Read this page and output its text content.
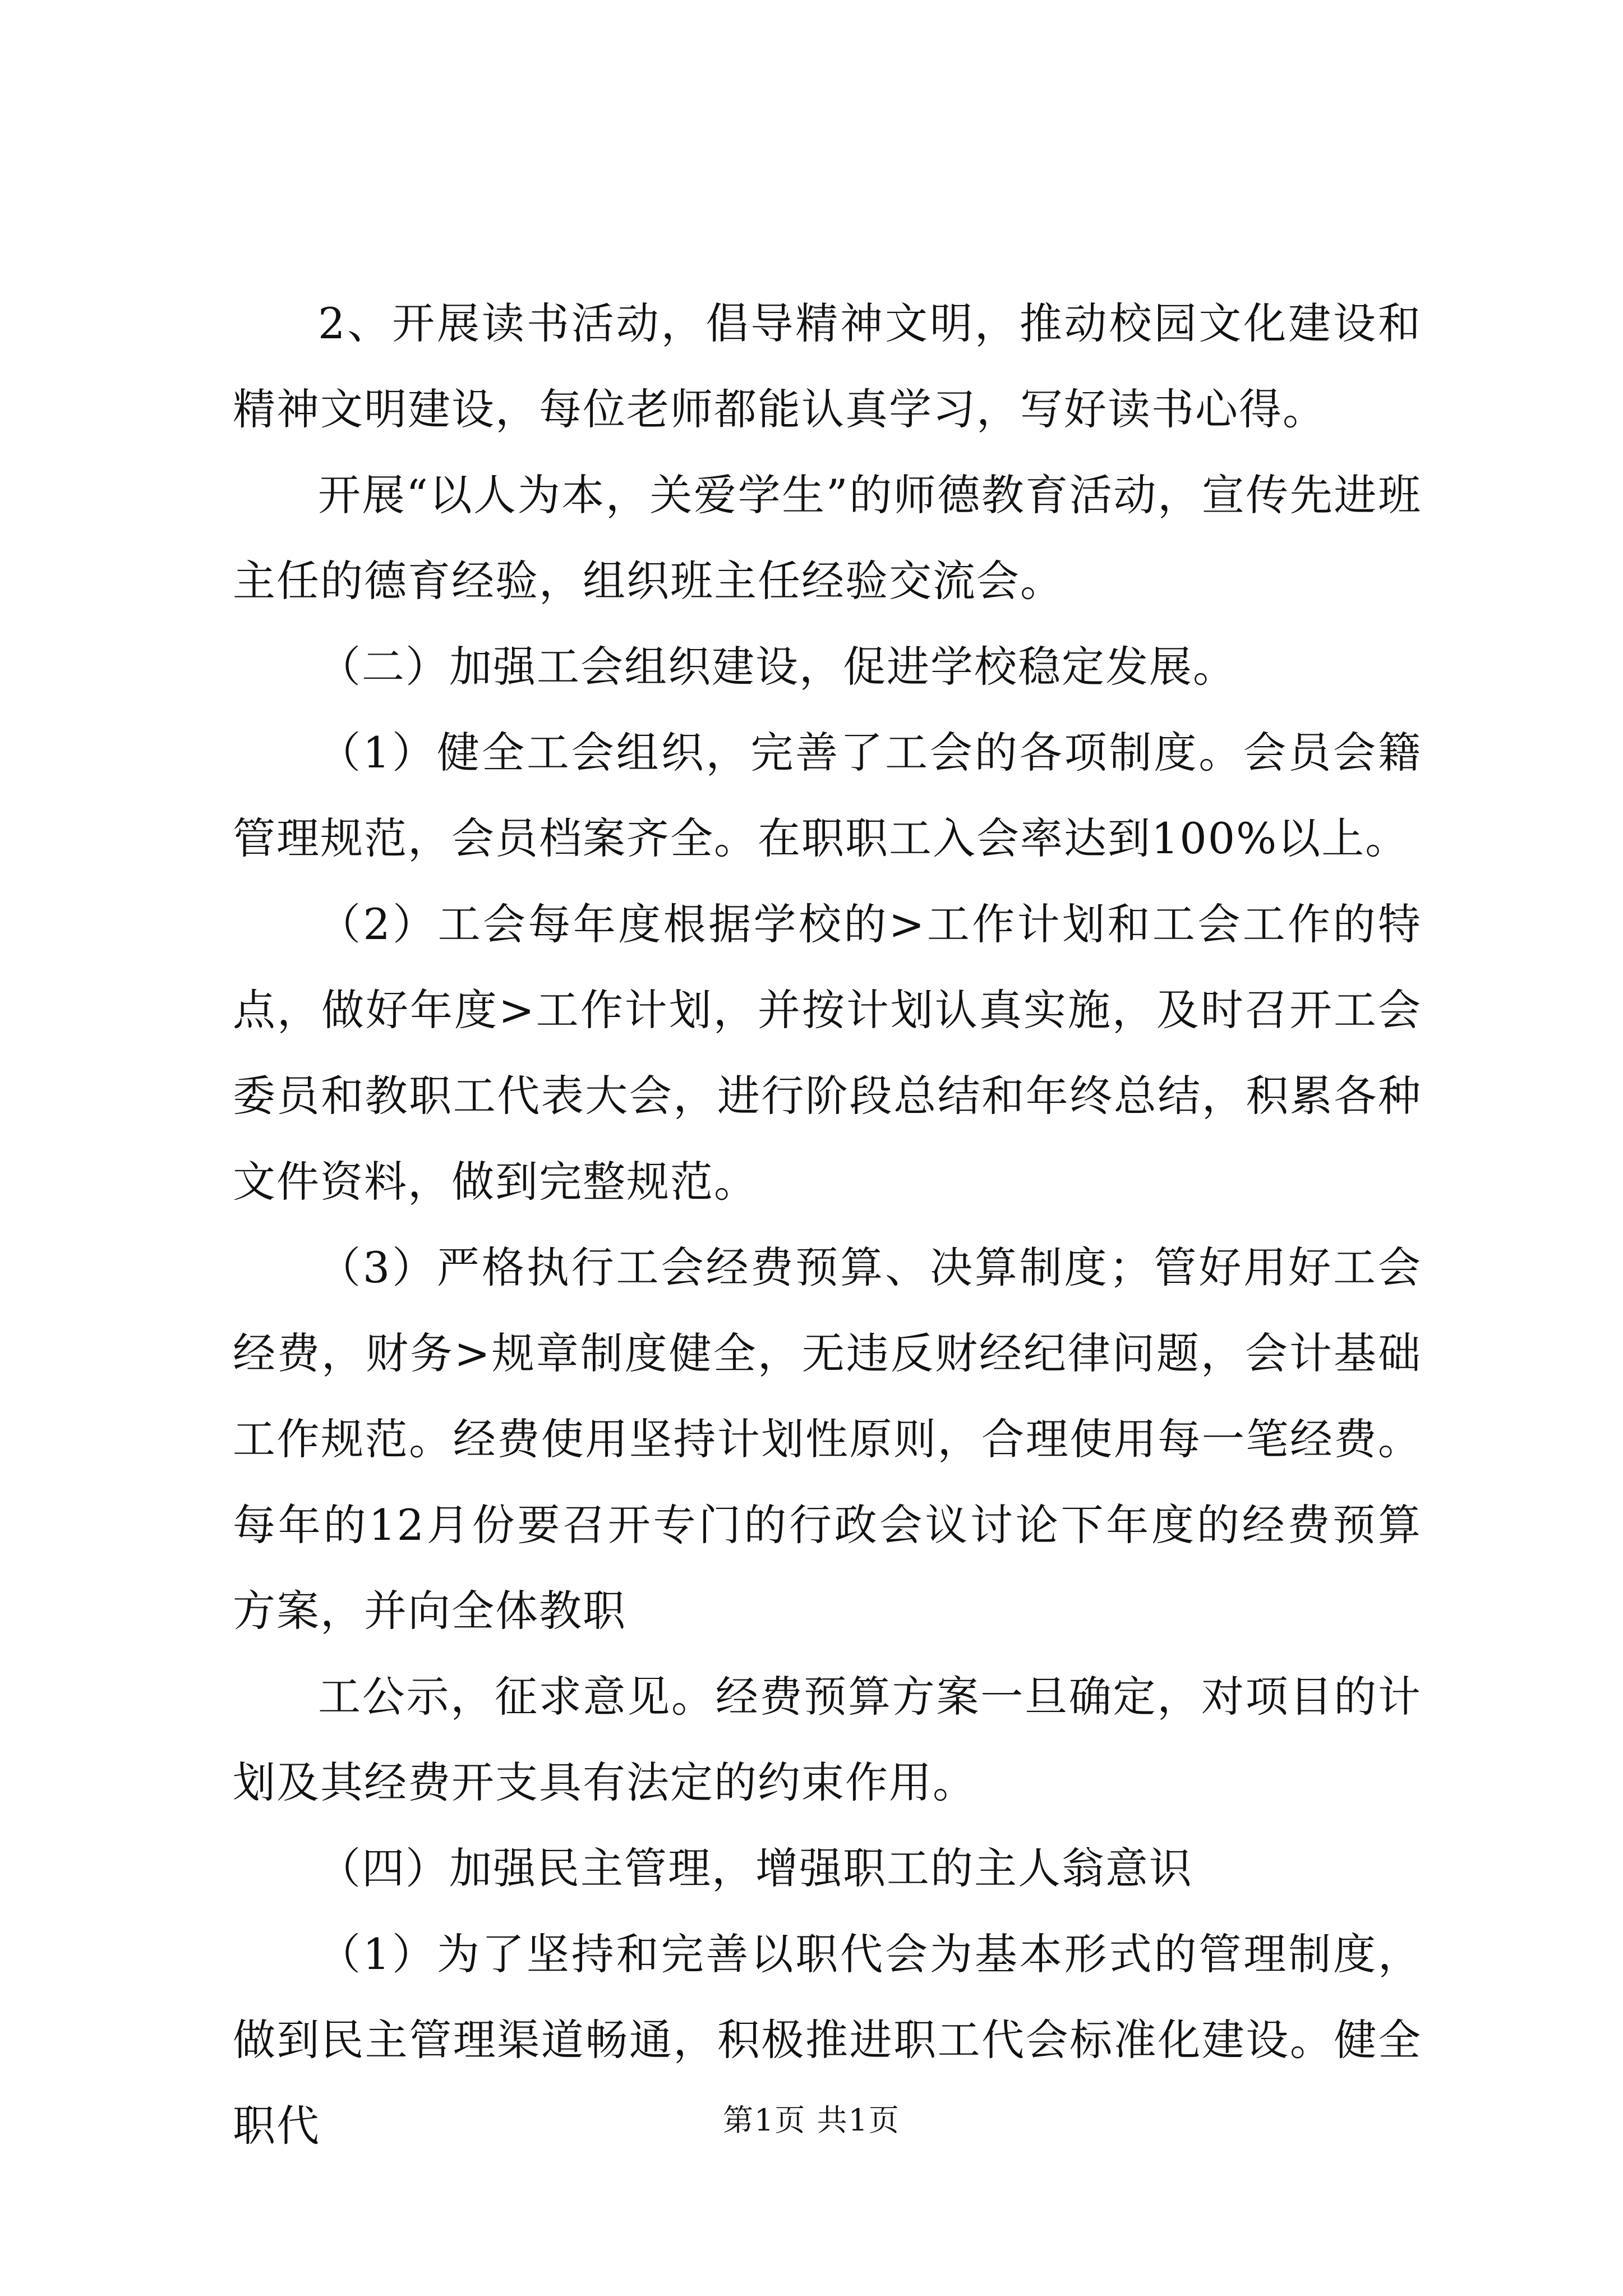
2、开展读书活动，倡导精神文明，推动校园文化建设和精神文明建设，每位老师都能认真学习，写好读书心得。

开展“以人为本，关爱学生”的师德教育活动，宣传先进班主任的德育经验，组织班主任经验交流会。

（二）加强工会组织建设，促进学校稳定发展。

（1）健全工会组织，完善了工会的各项制度。会员会籍管理规范，会员档案齐全。在职职工入会率达到100%以上。

（2）工会每年度根据学校的>工作计划和工会工作的特点，做好年度>工作计划，并按计划认真实施，及时召开工会委员和教职工代表大会，进行阶段总结和年终总结，积累各种文件资料，做到完整规范。

（3）严格执行工会经费预算、决算制度；管好用好工会经费，财务>规章制度健全，无违反财经纪律问题，会计基础工作规范。经费使用坚持计划性原则，合理使用每一笔经费。每年的12月份要召开专门的行政会议讨论下年度的经费预算方案，并向全体教职

工公示，征求意见。经费预算方案一旦确定，对项目的计划及其经费开支具有法定的约束作用。

（四）加强民主管理，增强职工的主人翁意识

（1）为了坚持和完善以职代会为基本形式的管理制度，做到民主管理渠道畅通，积极推进职工代会标准化建设。健全职代	第1页 共1页
